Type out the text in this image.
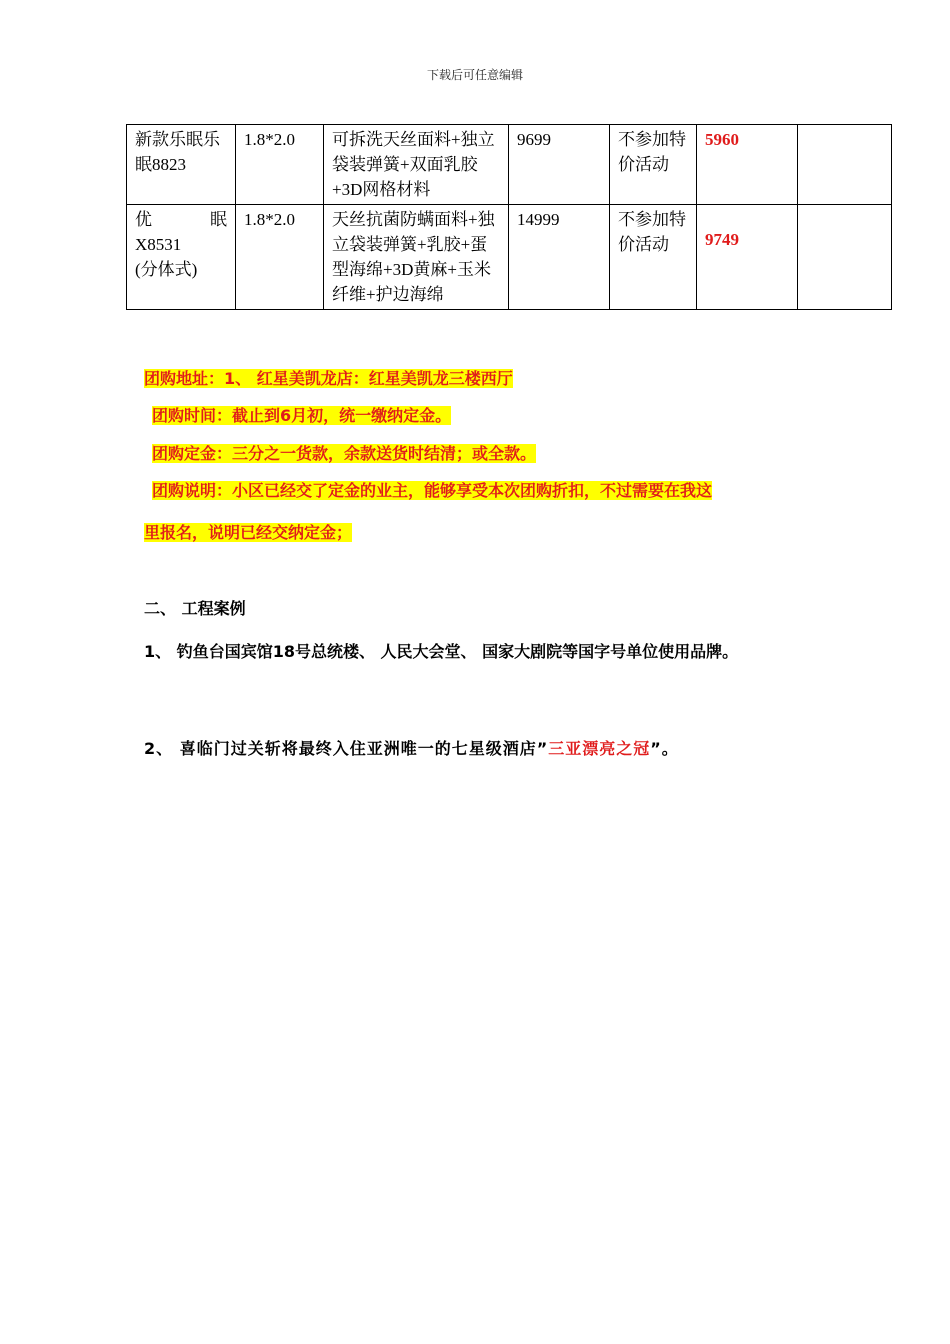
下载后可任意编辑
新款乐眠乐眠8823	1.8*2.0	可拆洗天丝面料+独立袋装弹簧+双面乳胶+3D网格材料	9699	不参加特价活动	5960	

优眠
X8531
(分体式)	1.8*2.0	天丝抗菌防螨面料+独立袋装弹簧+乳胶+蛋型海绵+3D黄麻+玉米纤维+护边海绵	14999	不参加特价活动	9749	

团购地址：1、 红星美凯龙店：红星美凯龙三楼西厅
团购时间：截止到6月初，统一缴纳定金。
团购定金：三分之一货款，余款送货时结清；或全款。
团购说明：小区已经交了定金的业主，能够享受本次团购折扣，不过需要在我这
里报名，说明已经交纳定金；
二、 工程案例
1、 钓鱼台国宾馆18号总统楼、 人民大会堂、 国家大剧院等国字号单位使用品牌。
2、 喜临门过关斩将最终入住亚洲唯一的七星级酒店”三亚漂亮之冠”。
